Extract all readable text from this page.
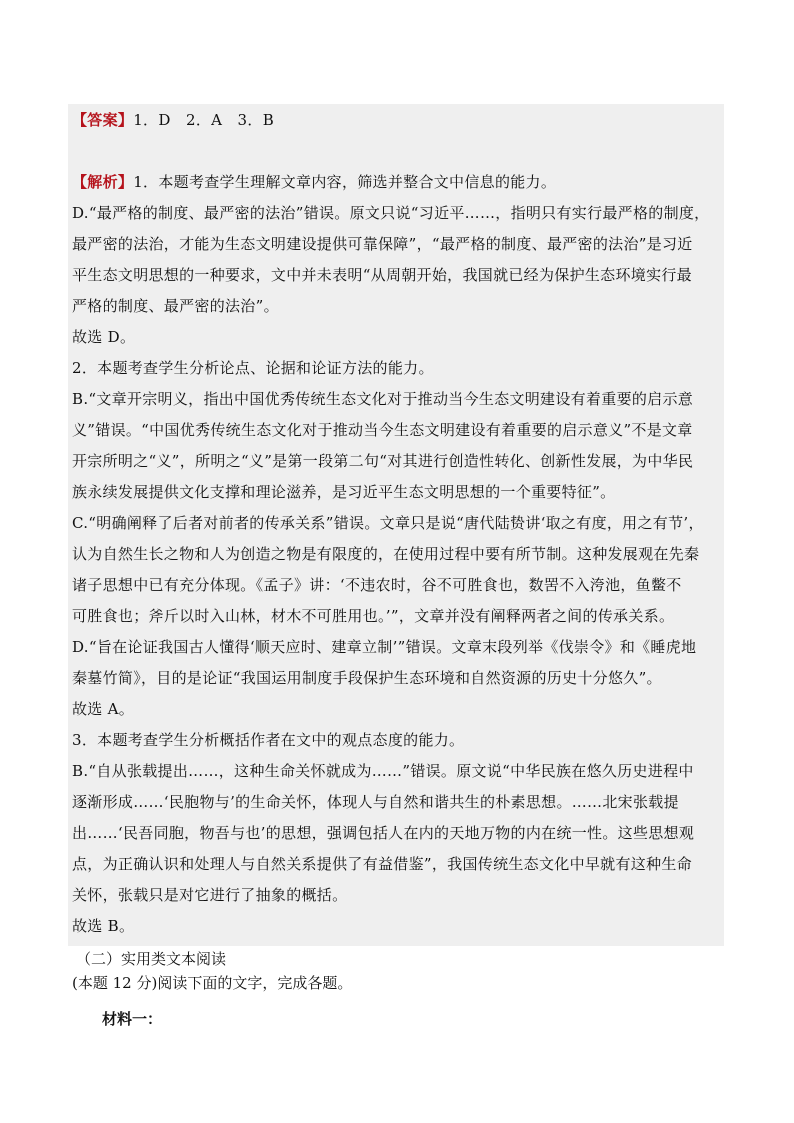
【答案】1．D　2．A　3．B
【解析】1．本题考查学生理解文章内容，筛选并整合文中信息的能力。
D.“最严格的制度、最严密的法治”错误。原文只说“习近平……，指明只有实行最严格的制度，
最严密的法治，才能为生态文明建设提供可靠保障”，“最严格的制度、最严密的法治”是习近
平生态文明思想的一种要求，文中并未表明“从周朝开始，我国就已经为保护生态环境实行最
严格的制度、最严密的法治”。
故选 D。
2．本题考查学生分析论点、论据和论证方法的能力。
B.“文章开宗明义，指出中国优秀传统生态文化对于推动当今生态文明建设有着重要的启示意
义”错误。“中国优秀传统生态文化对于推动当今生态文明建设有着重要的启示意义”不是文章
开宗所明之“义”，所明之“义”是第一段第二句“对其进行创造性转化、创新性发展，为中华民
族永续发展提供文化支撑和理论滋养，是习近平生态文明思想的一个重要特征”。
C.“明确阐释了后者对前者的传承关系”错误。文章只是说“唐代陆贽讲‘取之有度，用之有节’，
认为自然生长之物和人为创造之物是有限度的，在使用过程中要有所节制。这种发展观在先秦
诸子思想中已有充分体现。《孟子》讲：‘不违农时，谷不可胜食也，数罟不入洿池，鱼鳖不
可胜食也；斧斤以时入山林，材木不可胜用也。’”，文章并没有阐释两者之间的传承关系。
D.“旨在论证我国古人懂得‘顺天应时、建章立制’”错误。文章末段列举《伐崇令》和《睡虎地
秦墓竹简》，目的是论证“我国运用制度手段保护生态环境和自然资源的历史十分悠久”。
故选 A。
3．本题考查学生分析概括作者在文中的观点态度的能力。
B.“自从张载提出……，这种生命关怀就成为……”错误。原文说“中华民族在悠久历史进程中
逐渐形成……‘民胞物与’的生命关怀，体现人与自然和谐共生的朴素思想。……北宋张载提
出……‘民吾同胞，物吾与也’的思想，强调包括人在内的天地万物的内在统一性。这些思想观
点，为正确认识和处理人与自然关系提供了有益借鉴”，我国传统生态文化中早就有这种生命
关怀，张载只是对它进行了抽象的概括。
故选 B。
（二）实用类文本阅读
(本题 12 分)阅读下面的文字，完成各题。
材料一：
